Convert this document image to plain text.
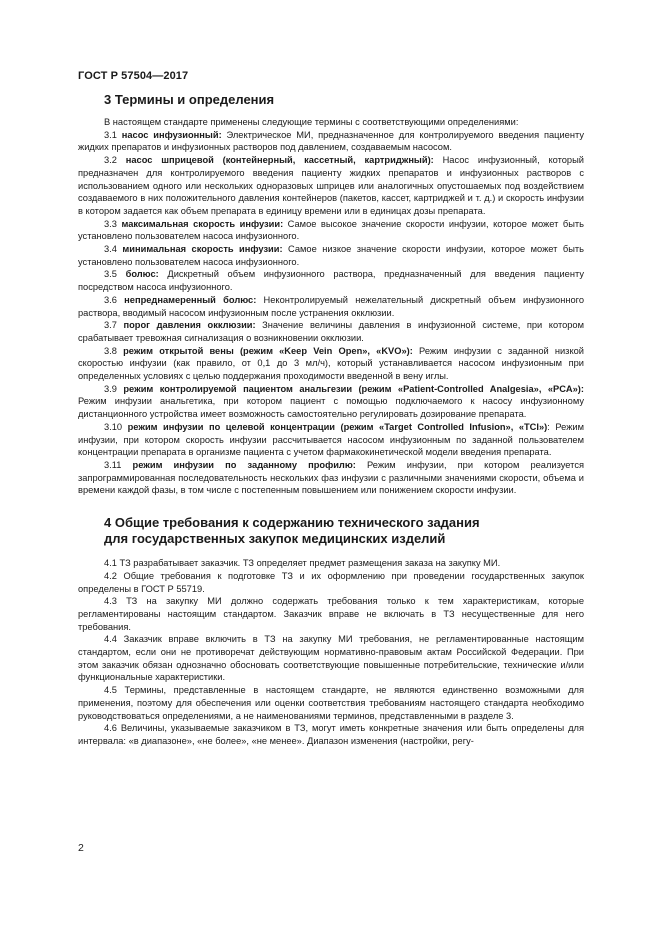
ГОСТ Р 57504—2017
3 Термины и определения

В настоящем стандарте применены следующие термины с соответствующими определениями:

3.1 насос инфузионный: Электрическое МИ, предназначенное для контролируемого введения пациенту жидких препаратов и инфузионных растворов под давлением, создаваемым насосом.

3.2 насос шприцевой (контейнерный, кассетный, картриджный): Насос инфузионный, который предназначен для контролируемого введения пациенту жидких препаратов и инфузионных растворов с использованием одного или нескольких одноразовых шприцев или аналогичных опустошаемых под воздействием создаваемого в них положительного давления контейнеров (пакетов, кассет, картриджей и т. д.) и скорость инфузии в котором задается как объем препарата в единицу времени или в единицах дозы препарата.

3.3 максимальная скорость инфузии: Самое высокое значение скорости инфузии, которое может быть установлено пользователем насоса инфузионного.

3.4 минимальная скорость инфузии: Самое низкое значение скорости инфузии, которое может быть установлено пользователем насоса инфузионного.

3.5 болюс: Дискретный объем инфузионного раствора, предназначенный для введения пациенту посредством насоса инфузионного.

3.6 непреднамеренный болюс: Неконтролируемый нежелательный дискретный объем инфузионного раствора, вводимый насосом инфузионным после устранения окклюзии.

3.7 порог давления окклюзии: Значение величины давления в инфузионной системе, при котором срабатывает тревожная сигнализация о возникновении окклюзии.

3.8 режим открытой вены (режим «Keep Vein Open», «KVO»): Режим инфузии с заданной низкой скоростью инфузии (как правило, от 0,1 до 3 мл/ч), который устанавливается насосом инфузионным при определенных условиях с целью поддержания проходимости введенной в вену иглы.

3.9 режим контролируемой пациентом анальгезии (режим «Patient-Controlled Analgesia», «PCA»): Режим инфузии анальгетика, при котором пациент с помощью подключаемого к насосу инфузионному дистанционного устройства имеет возможность самостоятельно регулировать дозирование препарата.

3.10 режим инфузии по целевой концентрации (режим «Target Controlled Infusion», «TCI»): Режим инфузии, при котором скорость инфузии рассчитывается насосом инфузионным по заданной пользователем концентрации препарата в организме пациента с учетом фармакокинетической модели введения препарата.

3.11 режим инфузии по заданному профилю: Режим инфузии, при котором реализуется запрограммированная последовательность нескольких фаз инфузии с различными значениями скорости, объема и времени каждой фазы, в том числе с постепенным повышением или понижением скорости инфузии.

4 Общие требования к содержанию технического задания
для государственных закупок медицинских изделий

4.1 ТЗ разрабатывает заказчик. ТЗ определяет предмет размещения заказа на закупку МИ.

4.2 Общие требования к подготовке ТЗ и их оформлению при проведении государственных закупок определены в ГОСТ Р 55719.

4.3 ТЗ на закупку МИ должно содержать требования только к тем характеристикам, которые регламентированы настоящим стандартом. Заказчик вправе не включать в ТЗ несущественные для него требования.

4.4 Заказчик вправе включить в ТЗ на закупку МИ требования, не регламентированные настоящим стандартом, если они не противоречат действующим нормативно-правовым актам Российской Федерации. При этом заказчик обязан однозначно обосновать соответствующие повышенные потребительские, технические и/или функциональные характеристики.

4.5 Термины, представленные в настоящем стандарте, не являются единственно возможными для применения, поэтому для обеспечения или оценки соответствия требованиям настоящего стандарта необходимо руководствоваться определениями, а не наименованиями терминов, представленными в разделе 3.

4.6 Величины, указываемые заказчиком в ТЗ, могут иметь конкретные значения или быть определены для интервала: «в диапазоне», «не более», «не менее». Диапазон изменения (настройки, регу-

2
